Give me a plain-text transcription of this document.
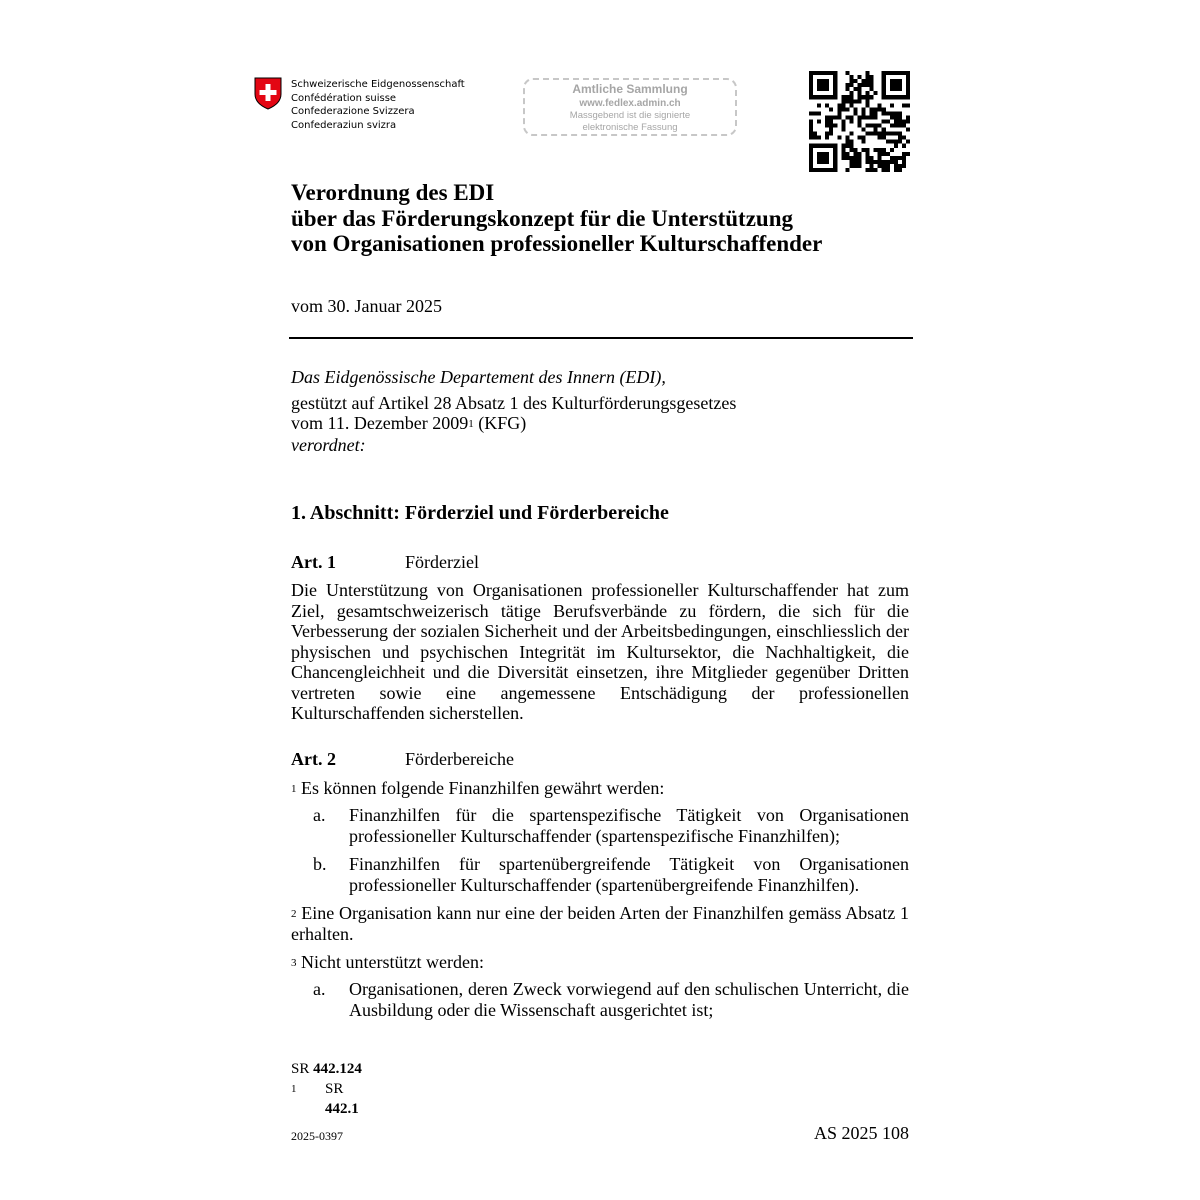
Schweizerische Eidgenossenschaft
Confédération suisse
Confederazione Svizzera
Confederaziun svizra
Amtliche Sammlung
www.fedlex.admin.ch
Massgebend ist die signierte
elektronische Fassung
Verordnung des EDI
über das Förderungskonzept für die Unterstützung
von Organisationen professioneller Kulturschaffender
vom 30. Januar 2025
Das Eidgenössische Departement des Innern (EDI),
gestützt auf Artikel 28 Absatz 1 des Kulturförderungsgesetzes
vom 11. Dezember 2009$^1$ (KFG)
verordnet:
1. Abschnitt: Förderziel und Förderbereiche
Art. 1	Förderziel
Die Unterstützung von Organisationen professioneller Kulturschaffender hat zum Ziel, gesamtschweizerisch tätige Berufsverbände zu fördern, die sich für die Verbesserung der sozialen Sicherheit und der Arbeitsbedingungen, einschliesslich der physischen und psychischen Integrität im Kultursektor, die Nachhaltigkeit, die Chancengleichheit und die Diversität einsetzen, ihre Mitglieder gegenüber Dritten vertreten sowie eine angemessene Entschädigung der professionellen Kulturschaffenden sicherstellen.
Art. 2	Förderbereiche
$^1$ Es können folgende Finanzhilfen gewährt werden:
a. Finanzhilfen für die spartenspezifische Tätigkeit von Organisationen professioneller Kulturschaffender (spartenspezifische Finanzhilfen);
b. Finanzhilfen für spartenübergreifende Tätigkeit von Organisationen professioneller Kulturschaffender (spartenübergreifende Finanzhilfen).
$^2$ Eine Organisation kann nur eine der beiden Arten der Finanzhilfen gemäss Absatz 1 erhalten.
$^3$ Nicht unterstützt werden:
a. Organisationen, deren Zweck vorwiegend auf den schulischen Unterricht, die Ausbildung oder die Wissenschaft ausgerichtet ist;
SR 442.124
$^1$ SR 442.1
2025-0397	AS 2025 108
